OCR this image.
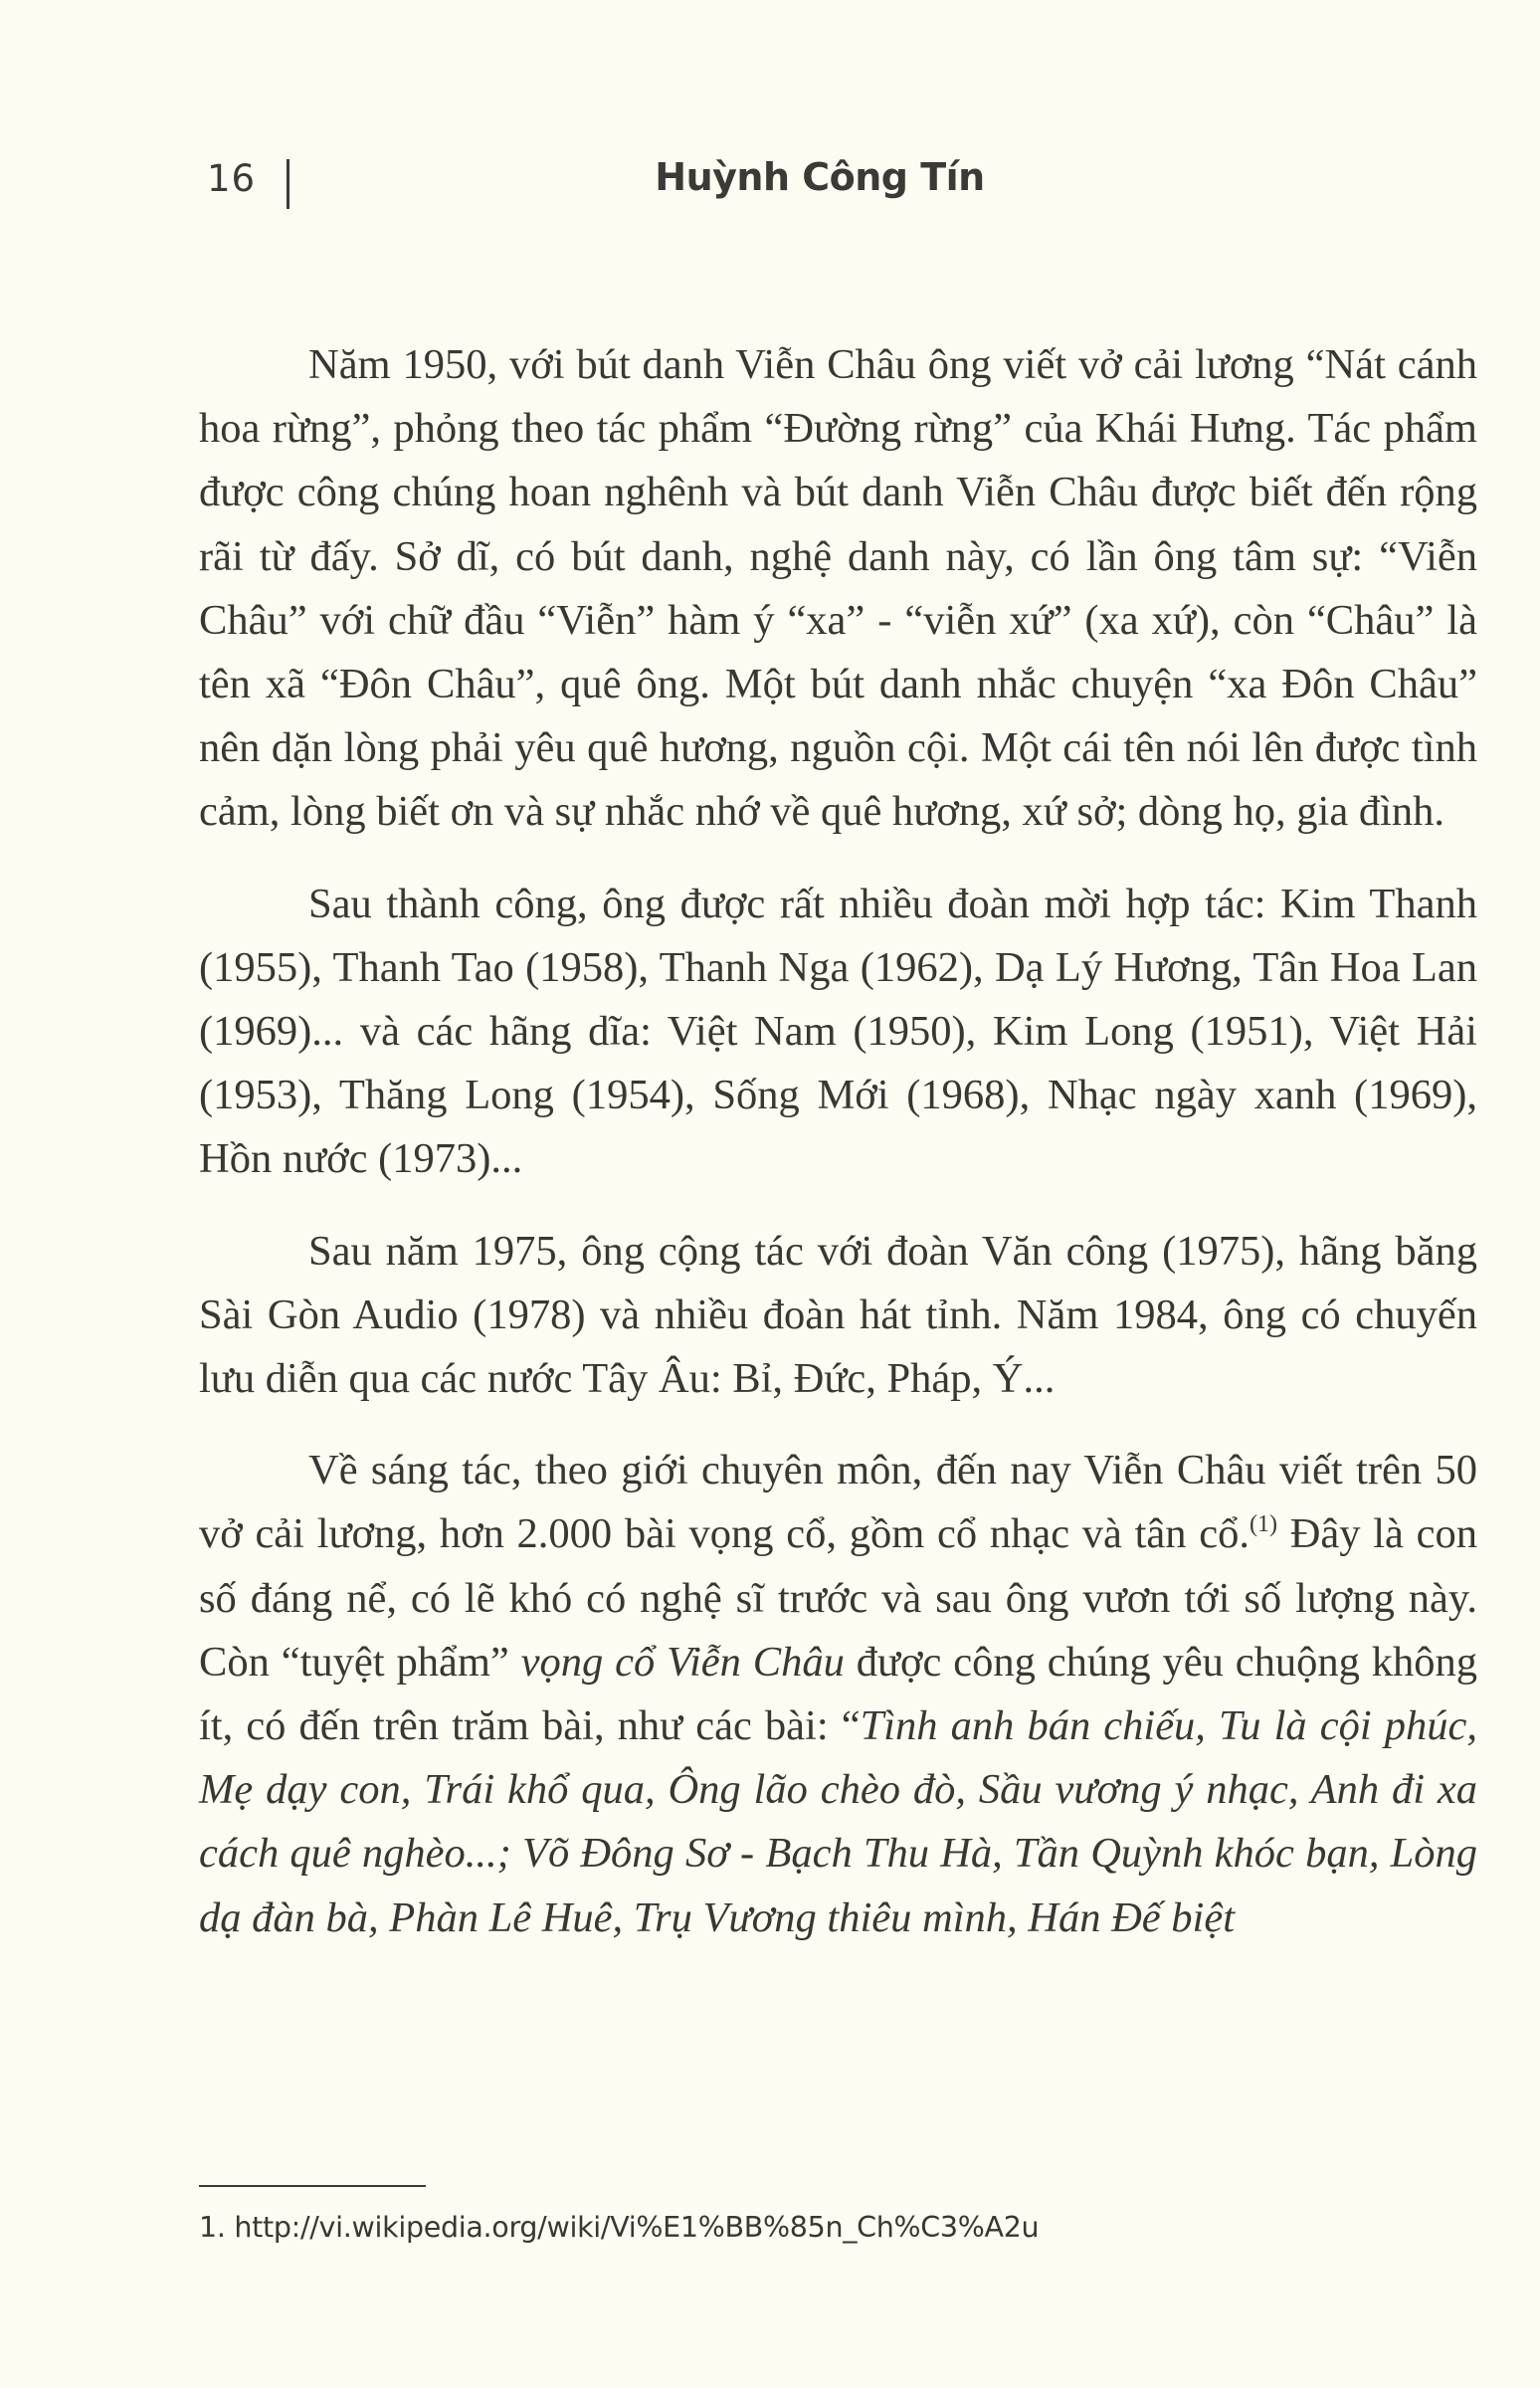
16	Huỳnh Công Tín

Năm 1950, với bút danh Viễn Châu ông viết vở cải lương “Nát cánh hoa rừng”, phỏng theo tác phẩm “Đường rừng” của Khái Hưng. Tác phẩm được công chúng hoan nghênh và bút danh Viễn Châu được biết đến rộng rãi từ đấy. Sở dĩ, có bút danh, nghệ danh này, có lần ông tâm sự: “Viễn Châu” với chữ đầu “Viễn” hàm ý “xa” - “viễn xứ” (xa xứ), còn “Châu” là tên xã “Đôn Châu”, quê ông. Một bút danh nhắc chuyện “xa Đôn Châu” nên dặn lòng phải yêu quê hương, nguồn cội. Một cái tên nói lên được tình cảm, lòng biết ơn và sự nhắc nhớ về quê hương, xứ sở; dòng họ, gia đình.

Sau thành công, ông được rất nhiều đoàn mời hợp tác: Kim Thanh (1955), Thanh Tao (1958), Thanh Nga (1962), Dạ Lý Hương, Tân Hoa Lan (1969)... và các hãng dĩa: Việt Nam (1950), Kim Long (1951), Việt Hải (1953), Thăng Long (1954), Sống Mới (1968), Nhạc ngày xanh (1969), Hồn nước (1973)...

Sau năm 1975, ông cộng tác với đoàn Văn công (1975), hãng băng Sài Gòn Audio (1978) và nhiều đoàn hát tỉnh. Năm 1984, ông có chuyến lưu diễn qua các nước Tây Âu: Bỉ, Đức, Pháp, Ý...

Về sáng tác, theo giới chuyên môn, đến nay Viễn Châu viết trên 50 vở cải lương, hơn 2.000 bài vọng cổ, gồm cổ nhạc và tân cổ.$^{(1)}$ Đây là con số đáng nể, có lẽ khó có nghệ sĩ trước và sau ông vươn tới số lượng này. Còn “tuyệt phẩm” vọng cổ Viễn Châu được công chúng yêu chuộng không ít, có đến trên trăm bài, như các bài: “Tình anh bán chiếu, Tu là cội phúc, Mẹ dạy con, Trái khổ qua, Ông lão chèo đò, Sầu vương ý nhạc, Anh đi xa cách quê nghèo...; Võ Đông Sơ - Bạch Thu Hà, Tần Quỳnh khóc bạn, Lòng dạ đàn bà, Phàn Lê Huê, Trụ Vương thiêu mình, Hán Đế biệt

1. http://vi.wikipedia.org/wiki/Vi%E1%BB%85n_Ch%C3%A2u
